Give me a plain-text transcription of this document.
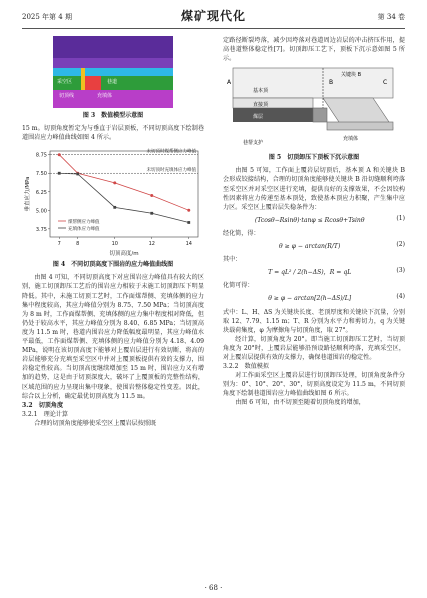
2025 年第 4 期	煤矿现代化	第 34 卷
采空区	巷道
切顶线	充填体

图 3　数值模型示意图

15 m。切顶角度暂定为与垂直于岩层顶板，不同切顶高度下绘制巷道围岩应力峰值曲线如图 4 所示。

3.75
5.00
6.25
7.50
8.75
7	8	10	12	14
切顶高度/m
垂直应力/MPa
未切顶时煤帮侧应力峰值
未切顶时充填体应力峰值
煤帮侧应力峰值
充填体应力峰值

图 4　不同切顶高度下围岩的应力峰值曲线图

由图 4 可知，不同切顶高度下对应围岩应力峰值具有较大的区别，施工切顶卸压工艺后的围岩应力相较于未施工切顶卸压下明显降低。其中，未施工切顶工艺时，工作面煤帮侧、充填体侧的应力集中程度较高，其应力峰值分别为 8.75、7.50 MPa；当切顶高度为 8 m 时，工作面煤帮侧、充填体侧的应力集中程度相对降低，但仍处于较高水平，其应力峰值分别为 8.40、6.85 MPa；当切顶高度为 11.5 m 时，巷道内围岩应力降低幅度最明显，其应力峰值水平最低，工作面煤帮侧、充填体侧的应力峰值分别为 4.18、4.09 MPa，说明在该切顶高度下能够对上覆岩层进行有效切断，将高的岩层能够充分充填至采空区中并对上覆顶板提供有效的支撑力，围岩稳定性较高。当切顶高度继续增加至 15 m 时，围岩应力又有增加的趋势，这是由于切顶深度大，破坏了上覆顶板的完整性结构，区域范围的应力呈现出集中现象，使围岩整体稳定性变差。因此，综合以上分析，确定最优切顶高度为 11.5 m。

3.2　切顶角度

3.2.1　理论计算

合理的切顶角度能够使采空区上覆岩层按照既

定路径断裂垮落，减少因垮落对巷道周边岩层的冲击挤压作用，提高巷道整体稳定性[7]。切顶卸压工艺下，顶板下沉示意如图 5 所示。

A	B	C
关键块 B
基本顶
直接顶
煤层
充填体
巷帮支护

图 5　切顶卸压下顶板下沉示意图

由图 5 可知，工作面上覆岩层切顶后，基本顶 A 和关键块 B 会形成铰接结构，合理的切顶角度能够使关键块 B 沿切缝顺利垮落至采空区并对采空区进行充填，提供良好的支撑效果，不会因铰构性因素将应力传递至基本顶处，致使基本顶应力积聚，产生集中应力区。采空区上覆岩层失稳条件为：

(Tcosθ−Rsinθ)·tanφ ≤ Rcosθ+Tsinθ	(1)

经化简，得：

θ ≥ φ − arctan(R/T)	(2)

其中：

T = qL² / 2(h−ΔS)，R = qL	(3)

化简可得：

θ ≥ φ − arctan[2(h−ΔS)/L]	(4)

式中：L、H、ΔS 为关键块长度、老顶厚度和关键块下沉量，分别取 12、7.79、1.15 m；T、R 分别为水平力和剪切力，q 为关键块载荷集度，φ 为摩擦角与切顶角度，取 27°。

经计算，切顶角度为 20°。即当施工切顶卸压工艺时，当切顶角度为 20°时，上覆岩层能够沿预设路径顺利垮落，充填采空区，对上覆岩层提供有效的支撑力，确保巷道围岩的稳定性。

3.2.2　数值模拟

对工作面采空区上覆岩层进行切顶卸压处理，切顶角度条件分别为：0°、10°、20°、30°，切顶高度设定为 11.5 m，不同切顶角度下绘制巷道围岩应力峰值曲线如图 6 所示。

由图 6 可知，由不切顶至随着切顶角度的增加，

· 68 ·
